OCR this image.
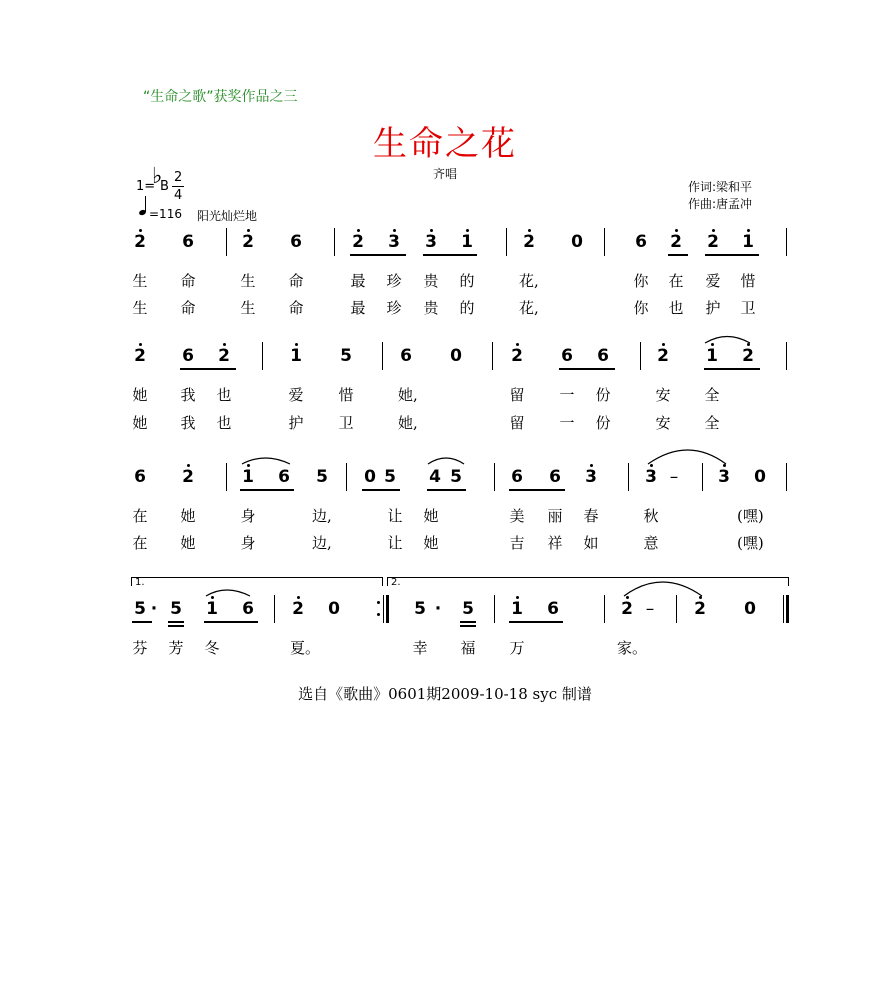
“生命之歌”获奖作品之三
生命之花
齐唱
1=
♭
B
2
4
=116 阳光灿烂地
作词:梁和平
作曲:唐孟冲
2 6	2 6	2 3 3 1	2 0	6 2 2 1
生	命	生	命	最	珍	贵	的	花,	你	在	爱	惜
生	命	生	命	最	珍	贵	的	花,	你	也	护	卫
2 6 2	1 5	6 0	2 6 6	2 1 2
她	我	也	爱	惜	她,	留	一	份	安	全
她	我	也	护	卫	她,	留	一	份	安	全
6 2	1 6 5 0 5 4 5	6 6 3	3 –	3 0
在	她	身	边,	让	她	美	丽	春	秋	(嘿)
在	她	身	边,	让	她	吉	祥	如	意	(嘿)
1.	2.
5 · 5 1 6 2 0	5 ·	5 1 6	2 –	2 0
芬	芳	冬	夏。	幸	福	万	家。
选自《歌曲》0601期2009-10-18 syc 制谱
